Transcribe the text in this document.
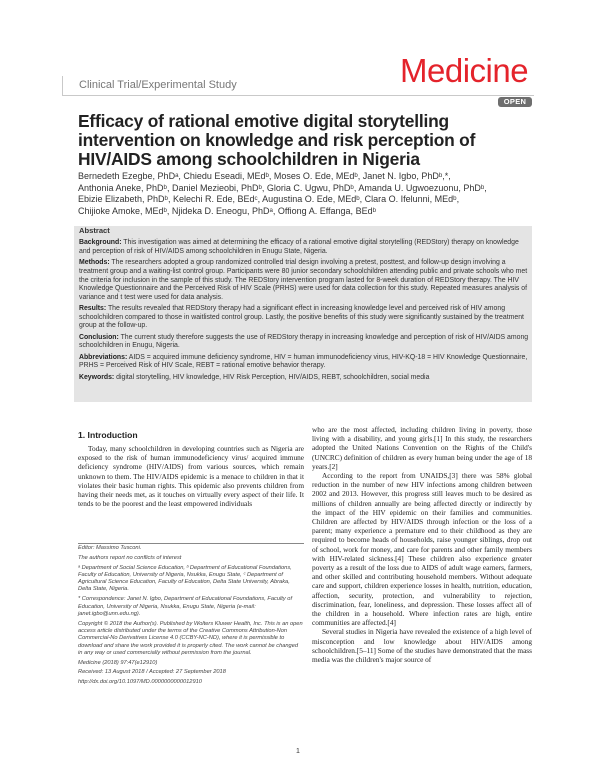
Clinical Trial/Experimental Study	Medicine
OPEN
Efficacy of rational emotive digital storytelling intervention on knowledge and risk perception of HIV/AIDS among schoolchildren in Nigeria
Bernedeth Ezegbe, PhDᵃ, Chiedu Eseadi, MEdᵇ, Moses O. Ede, MEdᵇ, Janet N. Igbo, PhDᵇ,*,
Anthonia Aneke, PhDᵇ, Daniel Mezieobi, PhDᵇ, Gloria C. Ugwu, PhDᵇ, Amanda U. Ugwoezuonu, PhDᵇ,
Ebizie Elizabeth, PhDᵇ, Kelechi R. Ede, BEdᶜ, Augustina O. Ede, MEdᵇ, Clara O. Ifelunni, MEdᵇ,
Chijioke Amoke, MEdᵇ, Njideka D. Eneogu, PhDᵃ, Offiong A. Effanga, BEdᵇ

Abstract

Background: This investigation was aimed at determining the efficacy of a rational emotive digital storytelling (REDStory) therapy on knowledge and perception of risk of HIV/AIDS among schoolchildren in Enugu State, Nigeria.

Methods: The researchers adopted a group randomized controlled trial design involving a pretest, posttest, and follow-up design involving a treatment group and a waiting-list control group. Participants were 80 junior secondary schoolchildren attending public and private schools who met the criteria for inclusion in the sample of this study. The REDStory intervention program lasted for 8-week duration of REDStory therapy. The HIV Knowledge Questionnaire and the Perceived Risk of HIV Scale (PRHS) were used for data collection for this study. Repeated measures analysis of variance and t test were used for data analysis.

Results: The results revealed that REDStory therapy had a significant effect in increasing knowledge level and perceived risk of HIV among schoolchildren compared to those in waitlisted control group. Lastly, the positive benefits of this study were significantly sustained by the treatment group at the follow-up.

Conclusion: The current study therefore suggests the use of REDStory therapy in increasing knowledge and perception of risk of HIV/AIDS among schoolchildren in Enugu, Nigeria.

Abbreviations: AIDS = acquired immune deficiency syndrome, HIV = human immunodeficiency virus, HIV-KQ-18 = HIV Knowledge Questionnaire, PRHS = Perceived Risk of HIV Scale, REBT = rational emotive behavior therapy.

Keywords: digital storytelling, HIV knowledge, HIV Risk Perception, HIV/AIDS, REBT, schoolchildren, social media

1. Introduction

Today, many schoolchildren in developing countries such as Nigeria are exposed to the risk of human immunodeficiency virus/ acquired immune deficiency syndrome (HIV/AIDS) from various sources, which remain unknown to them. The HIV/AIDS epidemic is a menace to children in that it violates their basic human rights. This epidemic also prevents children from having their needs met, as it touches on virtually every aspect of their life. It tends to be the poorest and the least empowered individuals

Editor: Massimo Tusconi.

The authors report no conflicts of interest

ᵃ Department of Social Science Education, ᵇ Department of Educational Foundations, Faculty of Education, University of Nigeria, Nsukka, Enugu State, ᶜ Department of Agricultural Science Education, Faculty of Education, Delta State University, Abraka, Delta State, Nigeria.

* Correspondence: Janet N. Igbo, Department of Educational Foundations, Faculty of Education, University of Nigeria, Nsukka, Enugu State, Nigeria (e-mail: janet.igbo@unn.edu.ng).

Copyright © 2018 the Author(s). Published by Wolters Kluwer Health, Inc. This is an open access article distributed under the terms of the Creative Commons Attribution-Non Commercial-No Derivatives License 4.0 (CCBY-NC-ND), where it is permissible to download and share the work provided it is properly cited. The work cannot be changed in any way or used commercially without permission from the journal.

Medicine (2018) 97:47(e12910)

Received: 13 August 2018 / Accepted: 27 September 2018

http://dx.doi.org/10.1097/MD.0000000000012910

who are the most affected, including children living in poverty, those living with a disability, and young girls.[1] In this study, the researchers adopted the United Nations Convention on the Rights of the Child's (UNCRC) definition of children as every human being under the age of 18 years.[2]

According to the report from UNAIDS,[3] there was 58% global reduction in the number of new HIV infections among children between 2002 and 2013. However, this progress still leaves much to be desired as millions of children annually are being affected directly or indirectly by the impact of the HIV epidemic on their families and communities. Children are affected by HIV/AIDS through infection or the loss of a parent; many experience a premature end to their childhood as they are required to become heads of households, raise younger siblings, drop out of school, work for money, and care for parents and other family members with HIV-related sickness.[4] These children also experience greater poverty as a result of the loss due to AIDS of adult wage earners, farmers, and other skilled and contributing household members. Without adequate care and support, children experience losses in health, nutrition, education, affection, security, protection, and vulnerability to rejection, discrimination, fear, loneliness, and depression. These losses affect all of the children in a household. Where infection rates are high, entire communities are affected.[4]

Several studies in Nigeria have revealed the existence of a high level of misconception and low knowledge about HIV/AIDS among schoolchildren.[5–11] Some of the studies have demonstrated that the mass media was the children's major source of

1
